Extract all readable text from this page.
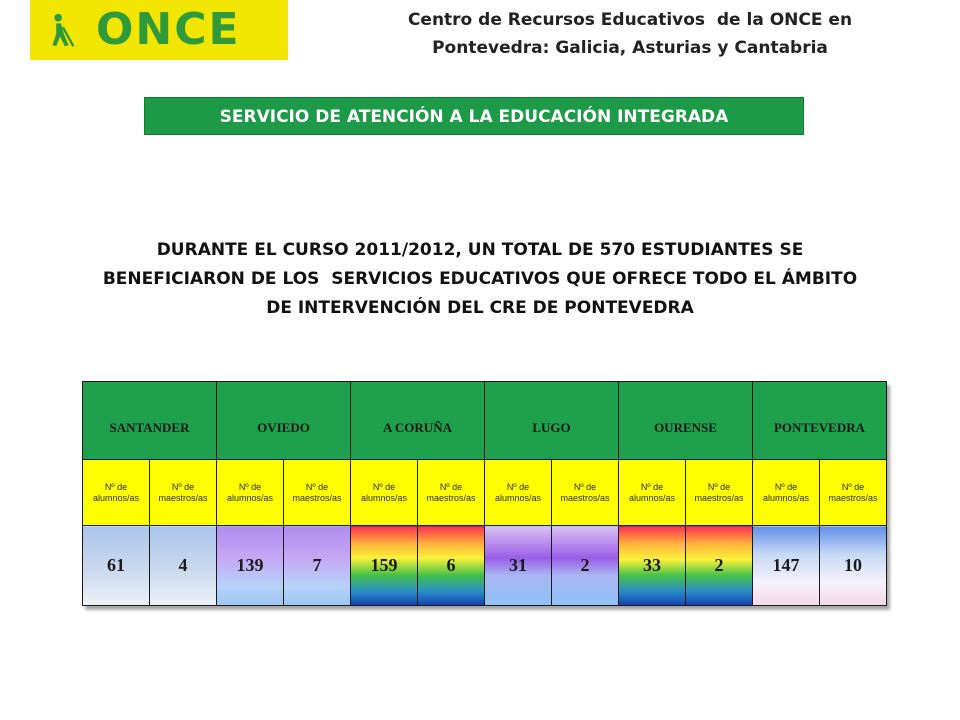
ONCE	Centro de Recursos Educativos  de la ONCE en
Pontevedra: Galicia, Asturias y Cantabria
SERVICIO DE ATENCIÓN A LA EDUCACIÓN INTEGRADA
DURANTE EL CURSO 2011/2012, UN TOTAL DE 570 ESTUDIANTES SE
BENEFICIARON DE LOS  SERVICIOS EDUCATIVOS QUE OFRECE TODO EL ÁMBITO
DE INTERVENCIÓN DEL CRE DE PONTEVEDRA
SANTANDER		OVIEDO		A CORUÑA		LUGO		OURENSE		PONTEVEDRA	
Nº de alumnos/as	Nº de maestros/as	Nº de alumnos/as	Nº de maestros/as	Nº de alumnos/as	Nº de maestros/as	Nº de alumnos/as	Nº de maestros/as	Nº de alumnos/as	Nº de maestros/as	Nº de alumnos/as	Nº de maestros/as
61	4	139	7	159	6	31	2	33	2	147	10
